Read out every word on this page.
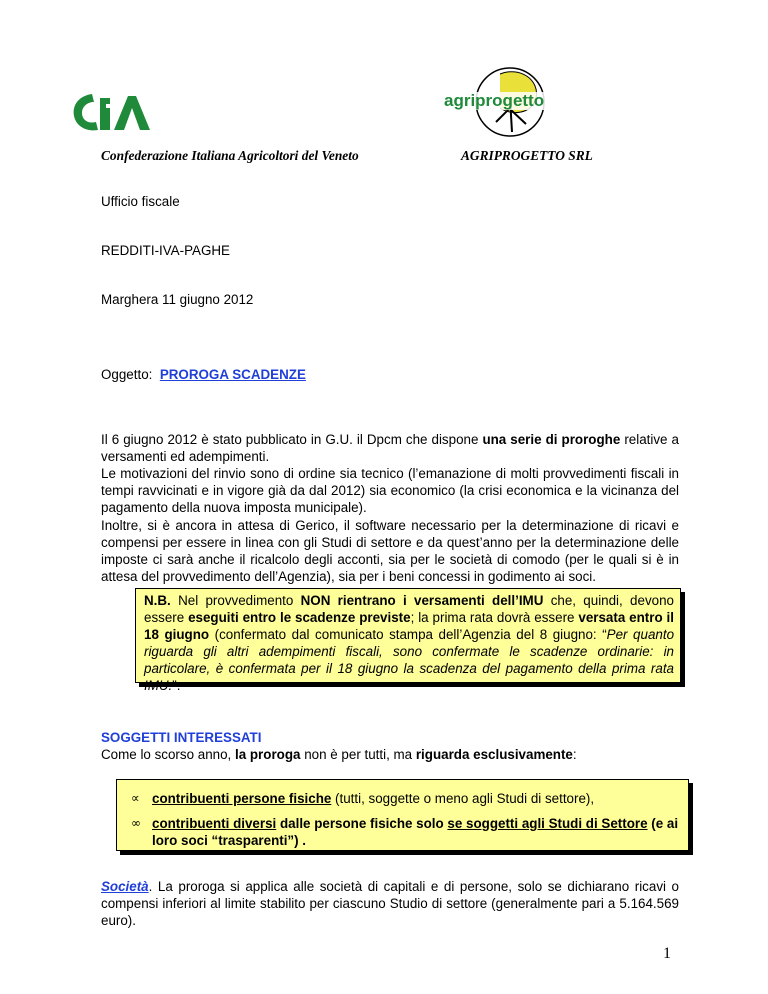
agriprogetto
Confederazione Italiana Agricoltori del Veneto	AGRIPROGETTO SRL
Ufficio fiscale
REDDITI-IVA-PAGHE
Marghera 11 giugno 2012
Oggetto: PROROGA SCADENZE
Il 6 giugno 2012 è stato pubblicato in G.U. il Dpcm che dispone una serie di proroghe relative a versamenti ed adempimenti.
Le motivazioni del rinvio sono di ordine sia tecnico (l’emanazione di molti provvedimenti fiscali in tempi ravvicinati e in vigore già da dal 2012) sia economico (la crisi economica e la vicinanza del pagamento della nuova imposta municipale).
Inoltre, si è ancora in attesa di Gerico, il software necessario per la determinazione di ricavi e compensi per essere in linea con gli Studi di settore e da quest’anno per la determinazione delle imposte ci sarà anche il ricalcolo degli acconti, sia per le società di comodo (per le quali si è in attesa del provvedimento dell’Agenzia), sia per i beni concessi in godimento ai soci.
N.B. Nel provvedimento NON rientrano i versamenti dell’IMU che, quindi, devono essere eseguiti entro le scadenze previste; la prima rata dovrà essere versata entro il 18 giugno (confermato dal comunicato stampa dell’Agenzia del 8 giugno: “Per quanto riguarda gli altri adempimenti fiscali, sono confermate le scadenze ordinarie: in particolare, è confermata per il 18 giugno la scadenza del pagamento della prima rata IMU.”.
SOGGETTI INTERESSATI
Come lo scorso anno, la proroga non è per tutti, ma riguarda esclusivamente:
∝ contribuenti persone fisiche (tutti, soggette o meno agli Studi di settore),
∞ contribuenti diversi dalle persone fisiche solo se soggetti agli Studi di Settore (e ai loro soci “trasparenti”) .
Società. La proroga si applica alle società di capitali e di persone, solo se dichiarano ricavi o compensi inferiori al limite stabilito per ciascuno Studio di settore (generalmente pari a 5.164.569 euro).
1
